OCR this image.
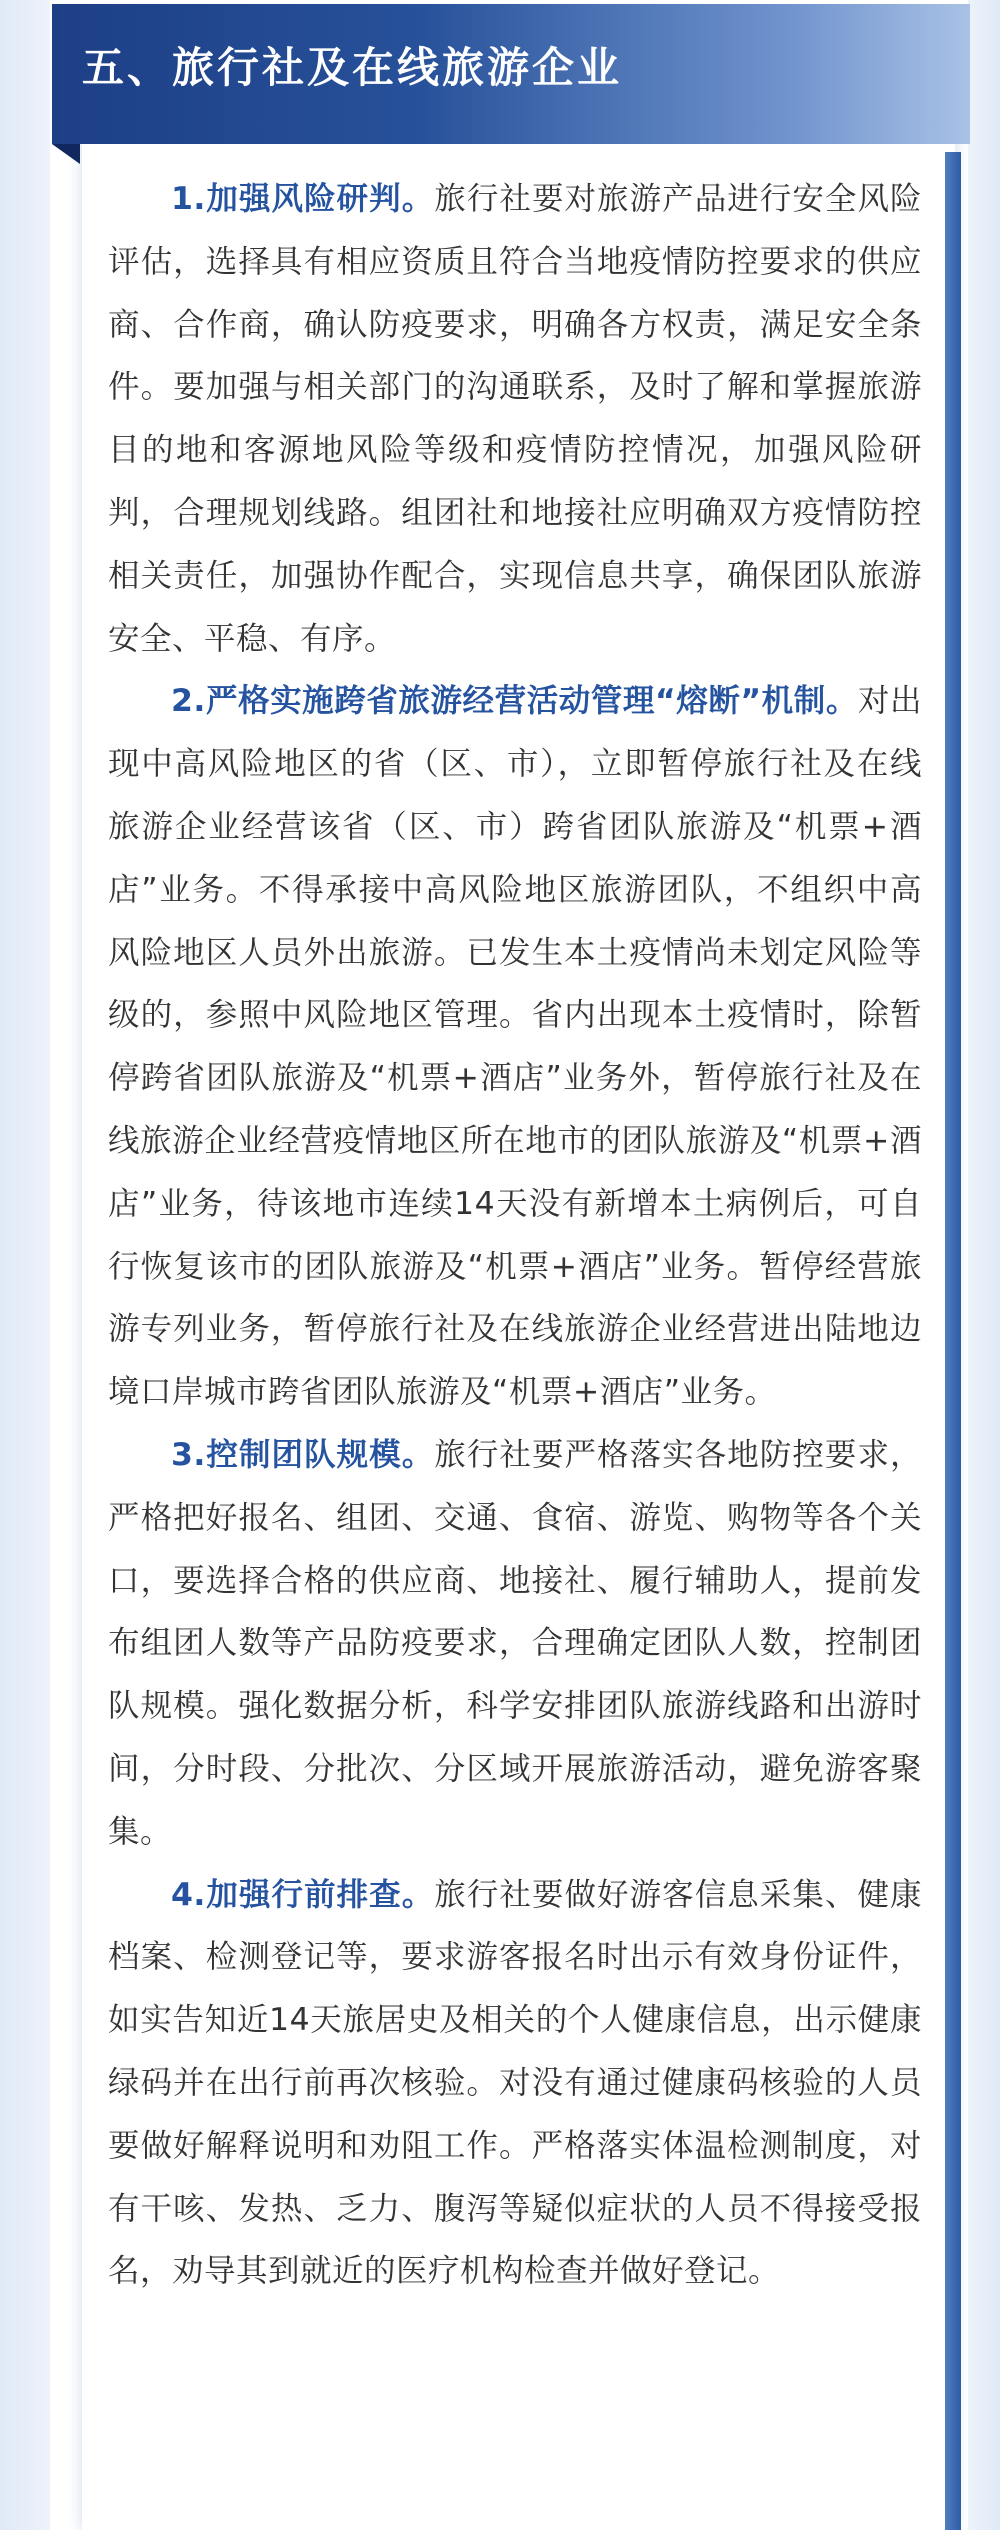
五、旅行社及在线旅游企业

1.加强风险研判。旅行社要对旅游产品进行安全风险评估，选择具有相应资质且符合当地疫情防控要求的供应商、合作商，确认防疫要求，明确各方权责，满足安全条件。要加强与相关部门的沟通联系，及时了解和掌握旅游目的地和客源地风险等级和疫情防控情况，加强风险研判，合理规划线路。组团社和地接社应明确双方疫情防控相关责任，加强协作配合，实现信息共享，确保团队旅游安全、平稳、有序。

2.严格实施跨省旅游经营活动管理“熔断”机制。对出现中高风险地区的省（区、市），立即暂停旅行社及在线旅游企业经营该省（区、市）跨省团队旅游及“机票+酒店”业务。不得承接中高风险地区旅游团队，不组织中高风险地区人员外出旅游。已发生本土疫情尚未划定风险等级的，参照中风险地区管理。省内出现本土疫情时，除暂停跨省团队旅游及“机票+酒店”业务外，暂停旅行社及在线旅游企业经营疫情地区所在地市的团队旅游及“机票+酒店”业务，待该地市连续14天没有新增本土病例后，可自行恢复该市的团队旅游及“机票+酒店”业务。暂停经营旅游专列业务，暂停旅行社及在线旅游企业经营进出陆地边境口岸城市跨省团队旅游及“机票+酒店”业务。

3.控制团队规模。旅行社要严格落实各地防控要求，严格把好报名、组团、交通、食宿、游览、购物等各个关口，要选择合格的供应商、地接社、履行辅助人，提前发布组团人数等产品防疫要求，合理确定团队人数，控制团队规模。强化数据分析，科学安排团队旅游线路和出游时间，分时段、分批次、分区域开展旅游活动，避免游客聚集。

4.加强行前排查。旅行社要做好游客信息采集、健康档案、检测登记等，要求游客报名时出示有效身份证件，如实告知近14天旅居史及相关的个人健康信息，出示健康绿码并在出行前再次核验。对没有通过健康码核验的人员要做好解释说明和劝阻工作。严格落实体温检测制度，对有干咳、发热、乏力、腹泻等疑似症状的人员不得接受报名，劝导其到就近的医疗机构检查并做好登记。
